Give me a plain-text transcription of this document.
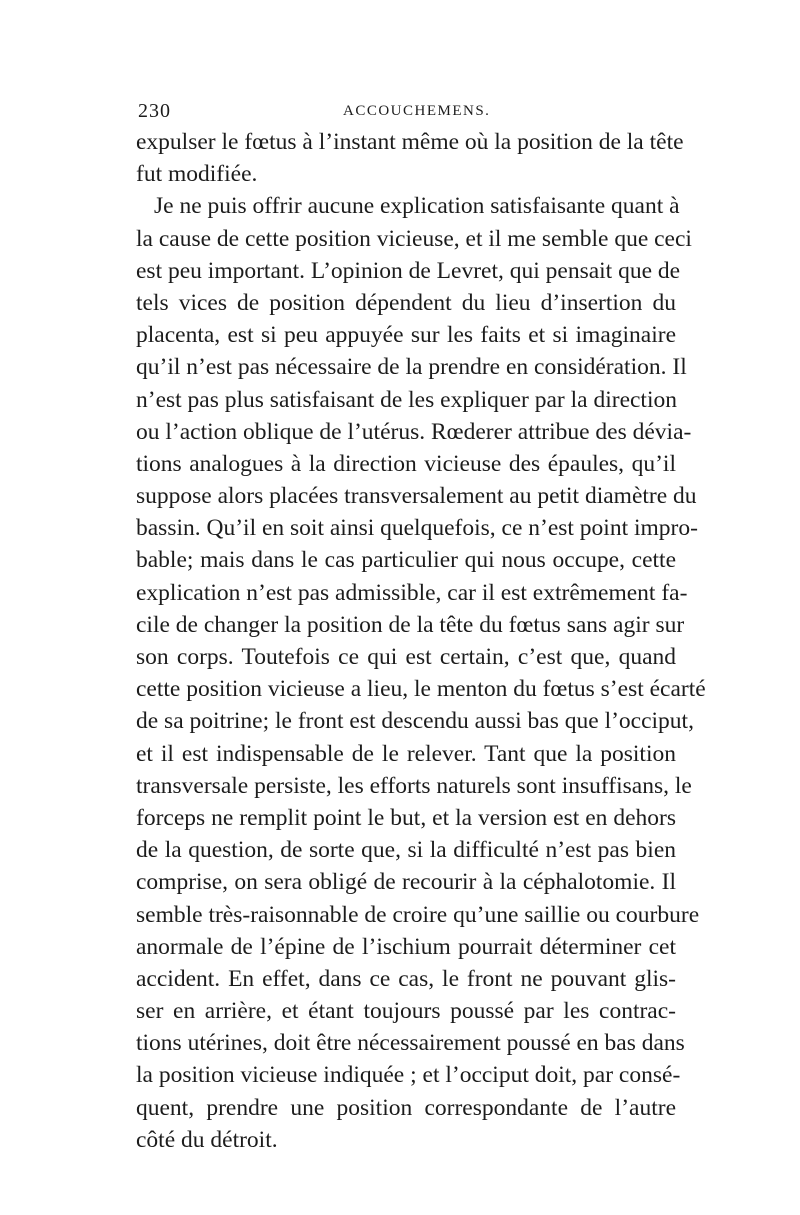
230	ACCOUCHEMENS.
expulser le fœtus à l’instant même où la position de la tête
fut modifiée.
Je ne puis offrir aucune explication satisfaisante quant à
la cause de cette position vicieuse, et il me semble que ceci
est peu important. L’opinion de Levret, qui pensait que de
tels vices de position dépendent du lieu d’insertion du
placenta, est si peu appuyée sur les faits et si imaginaire
qu’il n’est pas nécessaire de la prendre en considération. Il
n’est pas plus satisfaisant de les expliquer par la direction
ou l’action oblique de l’utérus. Rœderer attribue des dévia-
tions analogues à la direction vicieuse des épaules, qu’il
suppose alors placées transversalement au petit diamètre du
bassin. Qu’il en soit ainsi quelquefois, ce n’est point impro-
bable; mais dans le cas particulier qui nous occupe, cette
explication n’est pas admissible, car il est extrêmement fa-
cile de changer la position de la tête du fœtus sans agir sur
son corps. Toutefois ce qui est certain, c’est que, quand
cette position vicieuse a lieu, le menton du fœtus s’est écarté
de sa poitrine; le front est descendu aussi bas que l’occiput,
et il est indispensable de le relever. Tant que la position
transversale persiste, les efforts naturels sont insuffisans, le
forceps ne remplit point le but, et la version est en dehors
de la question, de sorte que, si la difficulté n’est pas bien
comprise, on sera obligé de recourir à la céphalotomie. Il
semble très-raisonnable de croire qu’une saillie ou courbure
anormale de l’épine de l’ischium pourrait déterminer cet
accident. En effet, dans ce cas, le front ne pouvant glis-
ser en arrière, et étant toujours poussé par les contrac-
tions utérines, doit être nécessairement poussé en bas dans
la position vicieuse indiquée ; et l’occiput doit, par consé-
quent, prendre une position correspondante de l’autre
côté du détroit.
